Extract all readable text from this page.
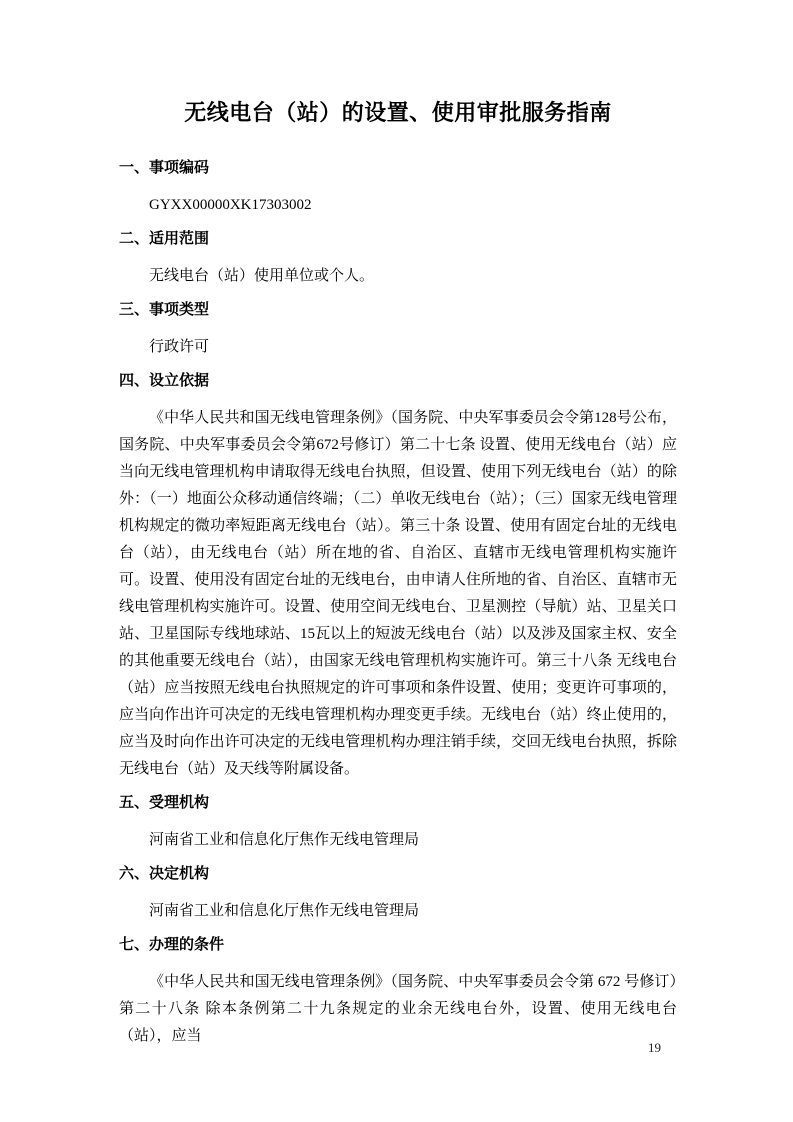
无线电台（站）的设置、使用审批服务指南
一、事项编码
GYXX00000XK17303002
二、适用范围
无线电台（站）使用单位或个人。
三、事项类型
行政许可
四、设立依据
《中华人民共和国无线电管理条例》（国务院、中央军事委员会令第128号公布，国务院、中央军事委员会令第672号修订）第二十七条 设置、使用无线电台（站）应当向无线电管理机构申请取得无线电台执照，但设置、使用下列无线电台（站）的除外：（一）地面公众移动通信终端；（二）单收无线电台（站）；（三）国家无线电管理机构规定的微功率短距离无线电台（站）。第三十条 设置、使用有固定台址的无线电台（站），由无线电台（站）所在地的省、自治区、直辖市无线电管理机构实施许可。设置、使用没有固定台址的无线电台，由申请人住所地的省、自治区、直辖市无线电管理机构实施许可。设置、使用空间无线电台、卫星测控（导航）站、卫星关口站、卫星国际专线地球站、15瓦以上的短波无线电台（站）以及涉及国家主权、安全的其他重要无线电台（站），由国家无线电管理机构实施许可。第三十八条 无线电台（站）应当按照无线电台执照规定的许可事项和条件设置、使用；变更许可事项的，应当向作出许可决定的无线电管理机构办理变更手续。无线电台（站）终止使用的，应当及时向作出许可决定的无线电管理机构办理注销手续，交回无线电台执照，拆除无线电台（站）及天线等附属设备。
五、受理机构
河南省工业和信息化厅焦作无线电管理局
六、决定机构
河南省工业和信息化厅焦作无线电管理局
七、办理的条件
《中华人民共和国无线电管理条例》（国务院、中央军事委员会令第 672 号修订）第二十八条 除本条例第二十九条规定的业余无线电台外，设置、使用无线电台（站），应当
19
